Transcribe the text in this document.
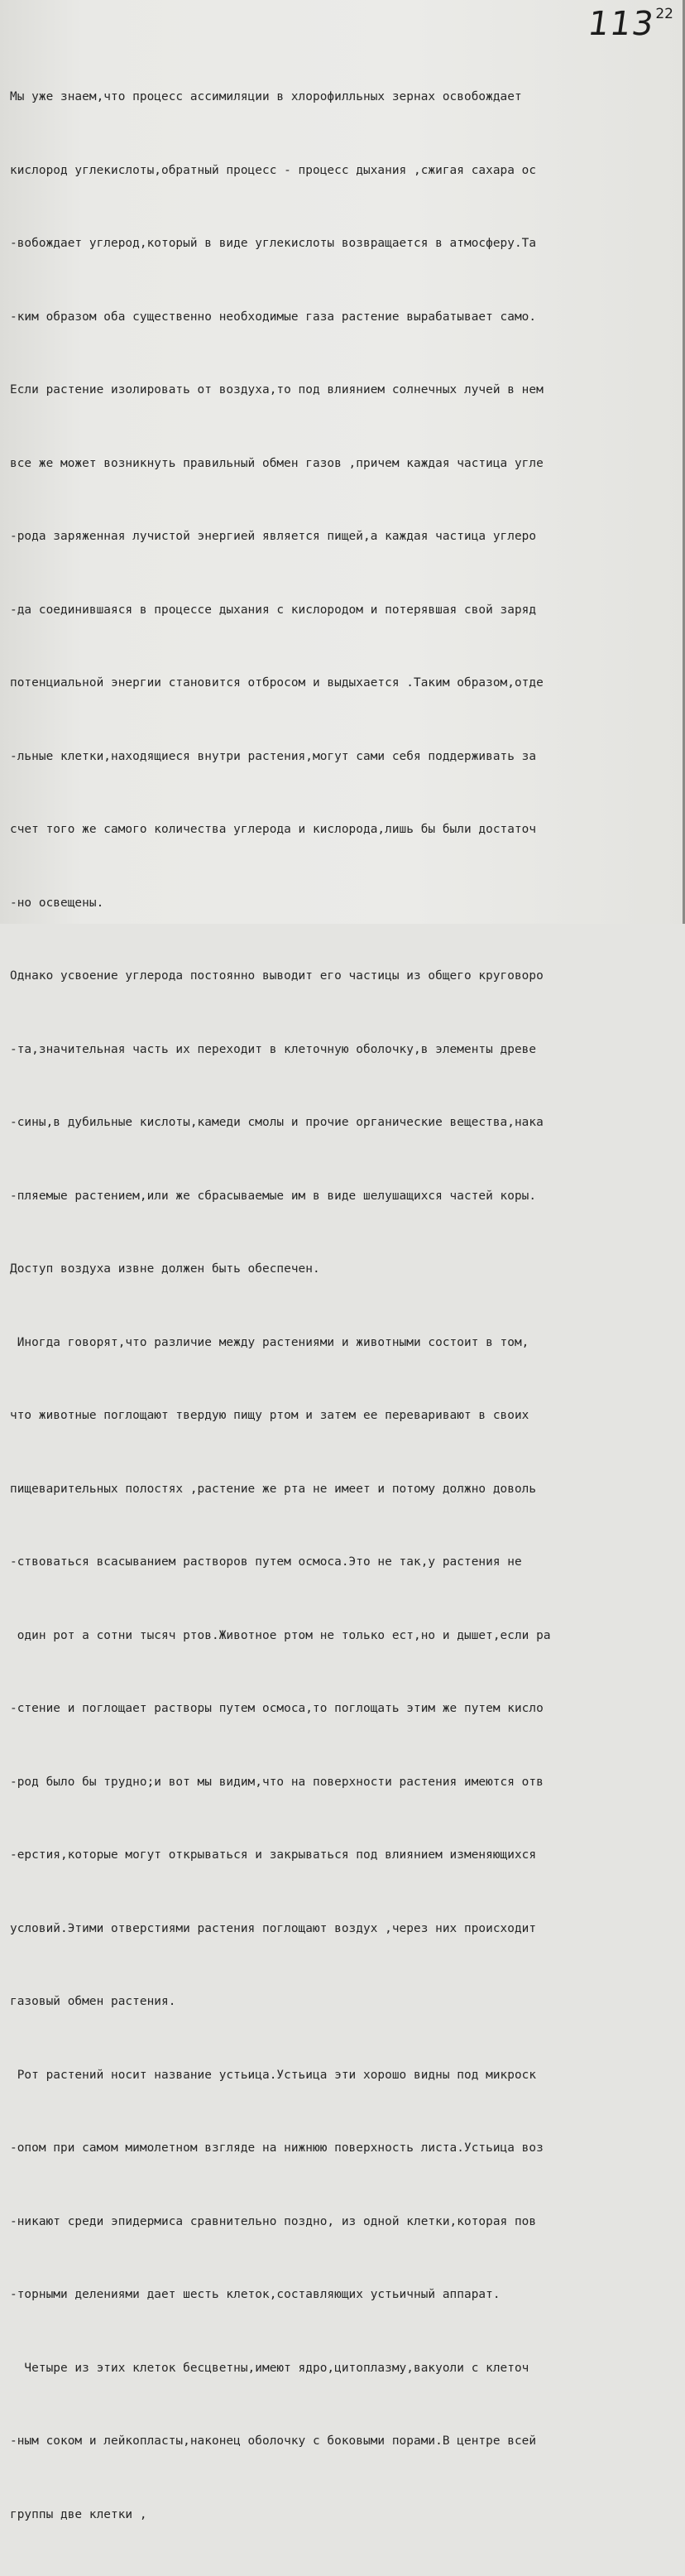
11322

Мы уже знаем,что процесс ассимиляции в хлорофилльных зернах освобождает

кислород углекислоты,обратный процесс - процесс дыхания ,сжигая сахара ос

-вобождает углерод,который в виде углекислоты возвращается в атмосферу.Та

-ким образом оба существенно необходимые газа растение вырабатывает само.

Если растение изолировать от воздуха,то под влиянием солнечных лучей в нем

все же может возникнуть правильный обмен газов ,причем каждая частица угле

-рода заряженная лучистой энергией является пищей,а каждая частица углеро

-да соединившаяся в процессе дыхания с кислородом и потерявшая свой заряд

потенциальной энергии становится отбросом и выдыхается .Таким образом,отде

-льные клетки,находящиеся внутри растения,могут сами себя поддерживать за

счет того же самого количества углерода и кислорода,лишь бы были достаточ

-но освещены.

Однако усвоение углерода постоянно выводит его частицы из общего круговоро

-та,значительная часть их переходит в клеточную оболочку,в элементы древе

-сины,в дубильные кислоты,камеди смолы и прочие органические вещества,нака

-пляемые растением,или же сбрасываемые им в виде шелушащихся частей коры.

Доступ воздуха извне должен быть обеспечен.

Иногда говорят,что различие между растениями и животными состоит в том,

что животные поглощают твердую пищу ртом и затем ее переваривают в своих

пищеварительных полостях ,растение же рта не имеет и потому должно доволь

-ствоваться всасыванием растворов путем осмоса.Это не так,у растения не

один рот а сотни тысяч ртов.Животное ртом не только ест,но и дышет,если ра

-стение и поглощает растворы путем осмоса,то поглощать этим же путем кисло

-род было бы трудно;и вот мы видим,что на поверхности растения имеются отв

-ерстия,которые могут открываться и закрываться под влиянием изменяющихся

условий.Этими отверстиями растения поглощают воздух ,через них происходит

газовый обмен растения.

Рот растений носит название устьица.Устьица эти хорошо видны под микроск

-опом при самом мимолетном взгляде на нижнюю поверхность листа.Устьица воз

-никают среди эпидермиса сравнительно поздно, из одной клетки,которая пов

-торными делениями дает шесть клеток,составляющих устьичный аппарат.

Четыре из этих клеток бесцветны,имеют ядро,цитоплазму,вакуоли с клеточ

-ным соком и лейкопласты,наконец оболочку с боковыми порами.В центре всей

группы две клетки ,
